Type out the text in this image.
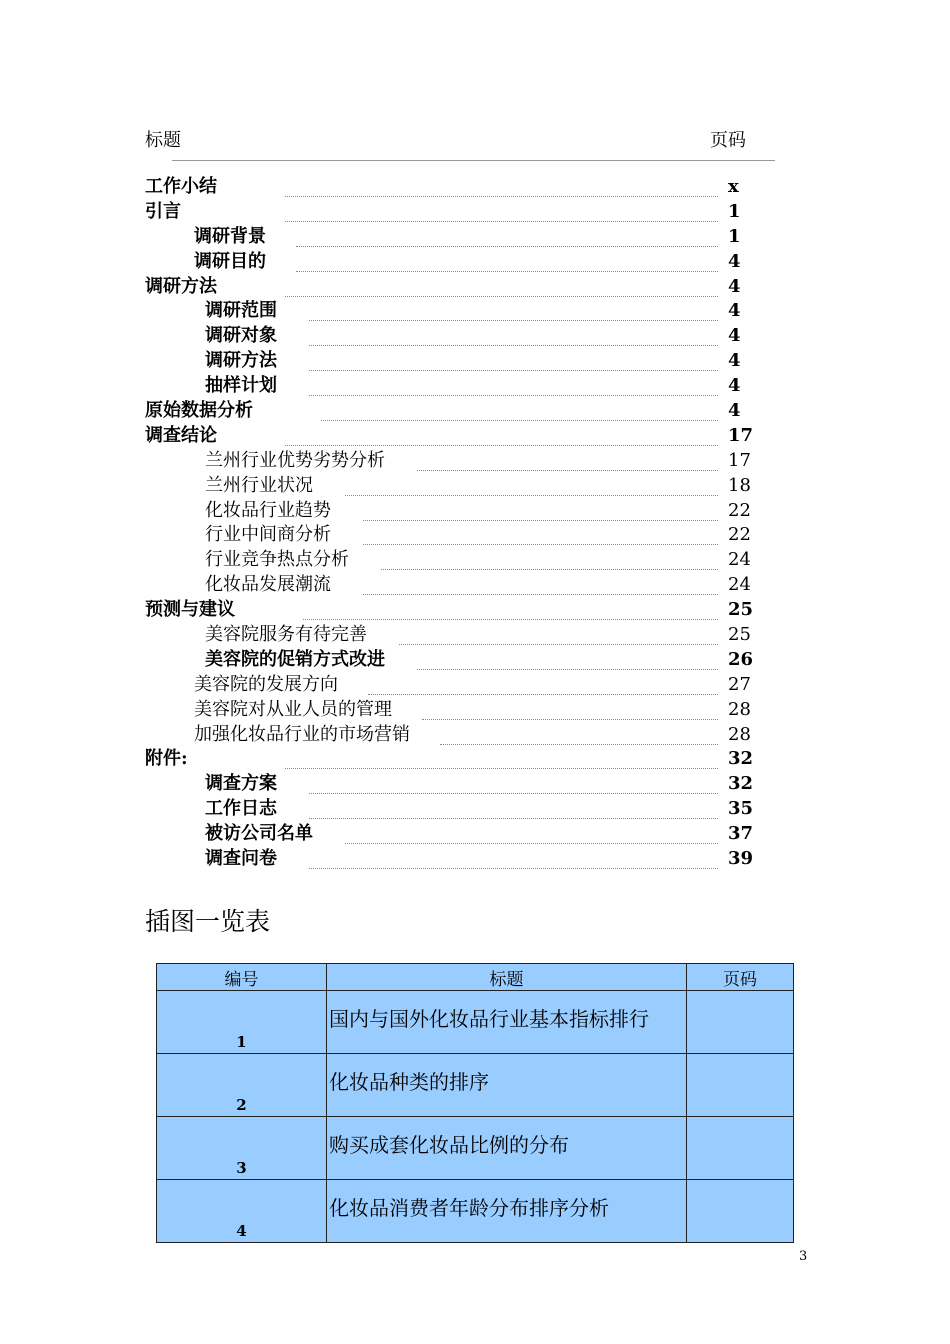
标题	页码
工作小结	x
引言	1
调研背景	1
调研目的	4
调研方法	4
调研范围	4
调研对象	4
调研方法	4
抽样计划	4
原始数据分析	4
调查结论	17
兰州行业优势劣势分析	17
兰州行业状况	18
化妆品行业趋势	22
行业中间商分析	22
行业竞争热点分析	24
化妆品发展潮流	24
预测与建议	25
美容院服务有待完善	25
美容院的促销方式改进	26
美容院的发展方向	27
美容院对从业人员的管理	28
加强化妆品行业的市场营销	28
附件:	32
调查方案	32
工作日志	35
被访公司名单	37
调查问卷	39
插图一览表
编号	标题	页码
1	国内与国外化妆品行业基本指标排行	
2	化妆品种类的排序	
3	购买成套化妆品比例的分布	
4	化妆品消费者年龄分布排序分析	
3
